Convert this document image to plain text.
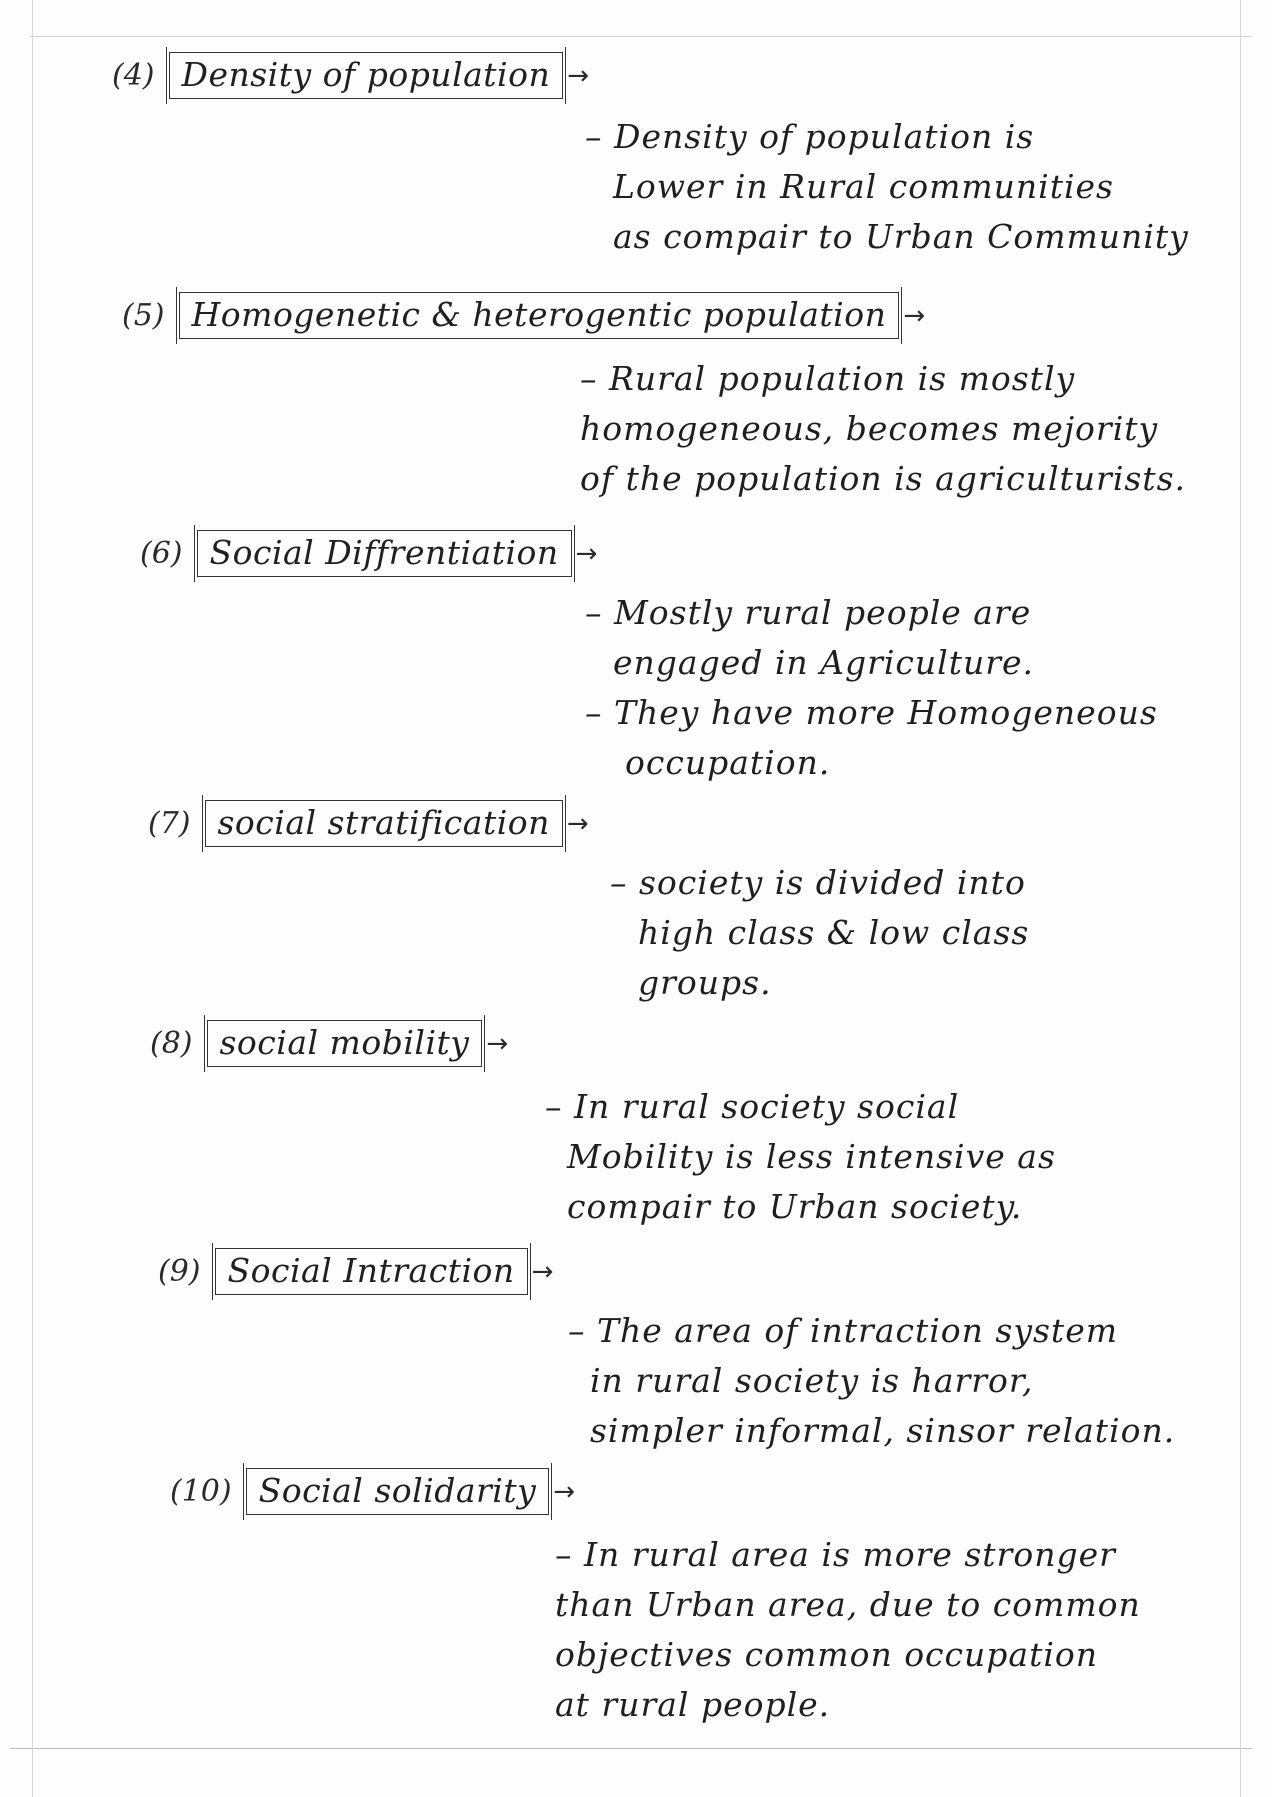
(4) Density of population →
– Density of population is
Lower in Rural communities
as compair to Urban Community
(5) Homogenetic & heterogentic population →
– Rural population is mostly
homogeneous, becomes mejority
of the population is agriculturists.
(6) Social Diffrentiation →
– Mostly rural people are
engaged in Agriculture.
– They have more Homogeneous
occupation.
(7) social stratification →
– society is divided into
high class & low class
groups.
(8) social mobility →
– In rural society social
Mobility is less intensive as
compair to Urban society.
(9) Social Intraction →
– The area of intraction system
in rural society is harror,
simpler informal, sinsor relation.
(10) Social solidarity →
– In rural area is more stronger
than Urban area, due to common
objectives common occupation
at rural people.
